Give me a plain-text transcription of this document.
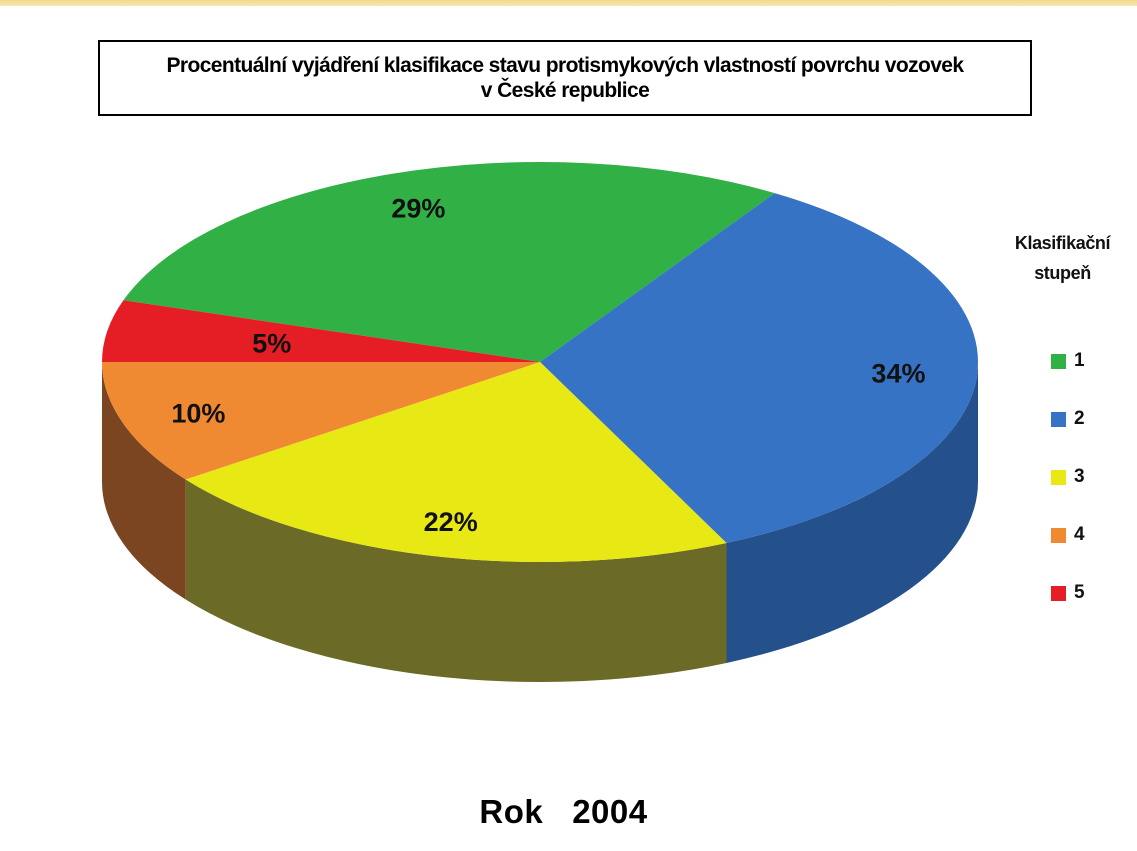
Procentuální vyjádření klasifikace stavu protismykových vlastností povrchu vozovek
v České republice
29%
34%
22%
10%
5%
Klasifikační
stupeň
1
2
3
4
5
Rok   2004
